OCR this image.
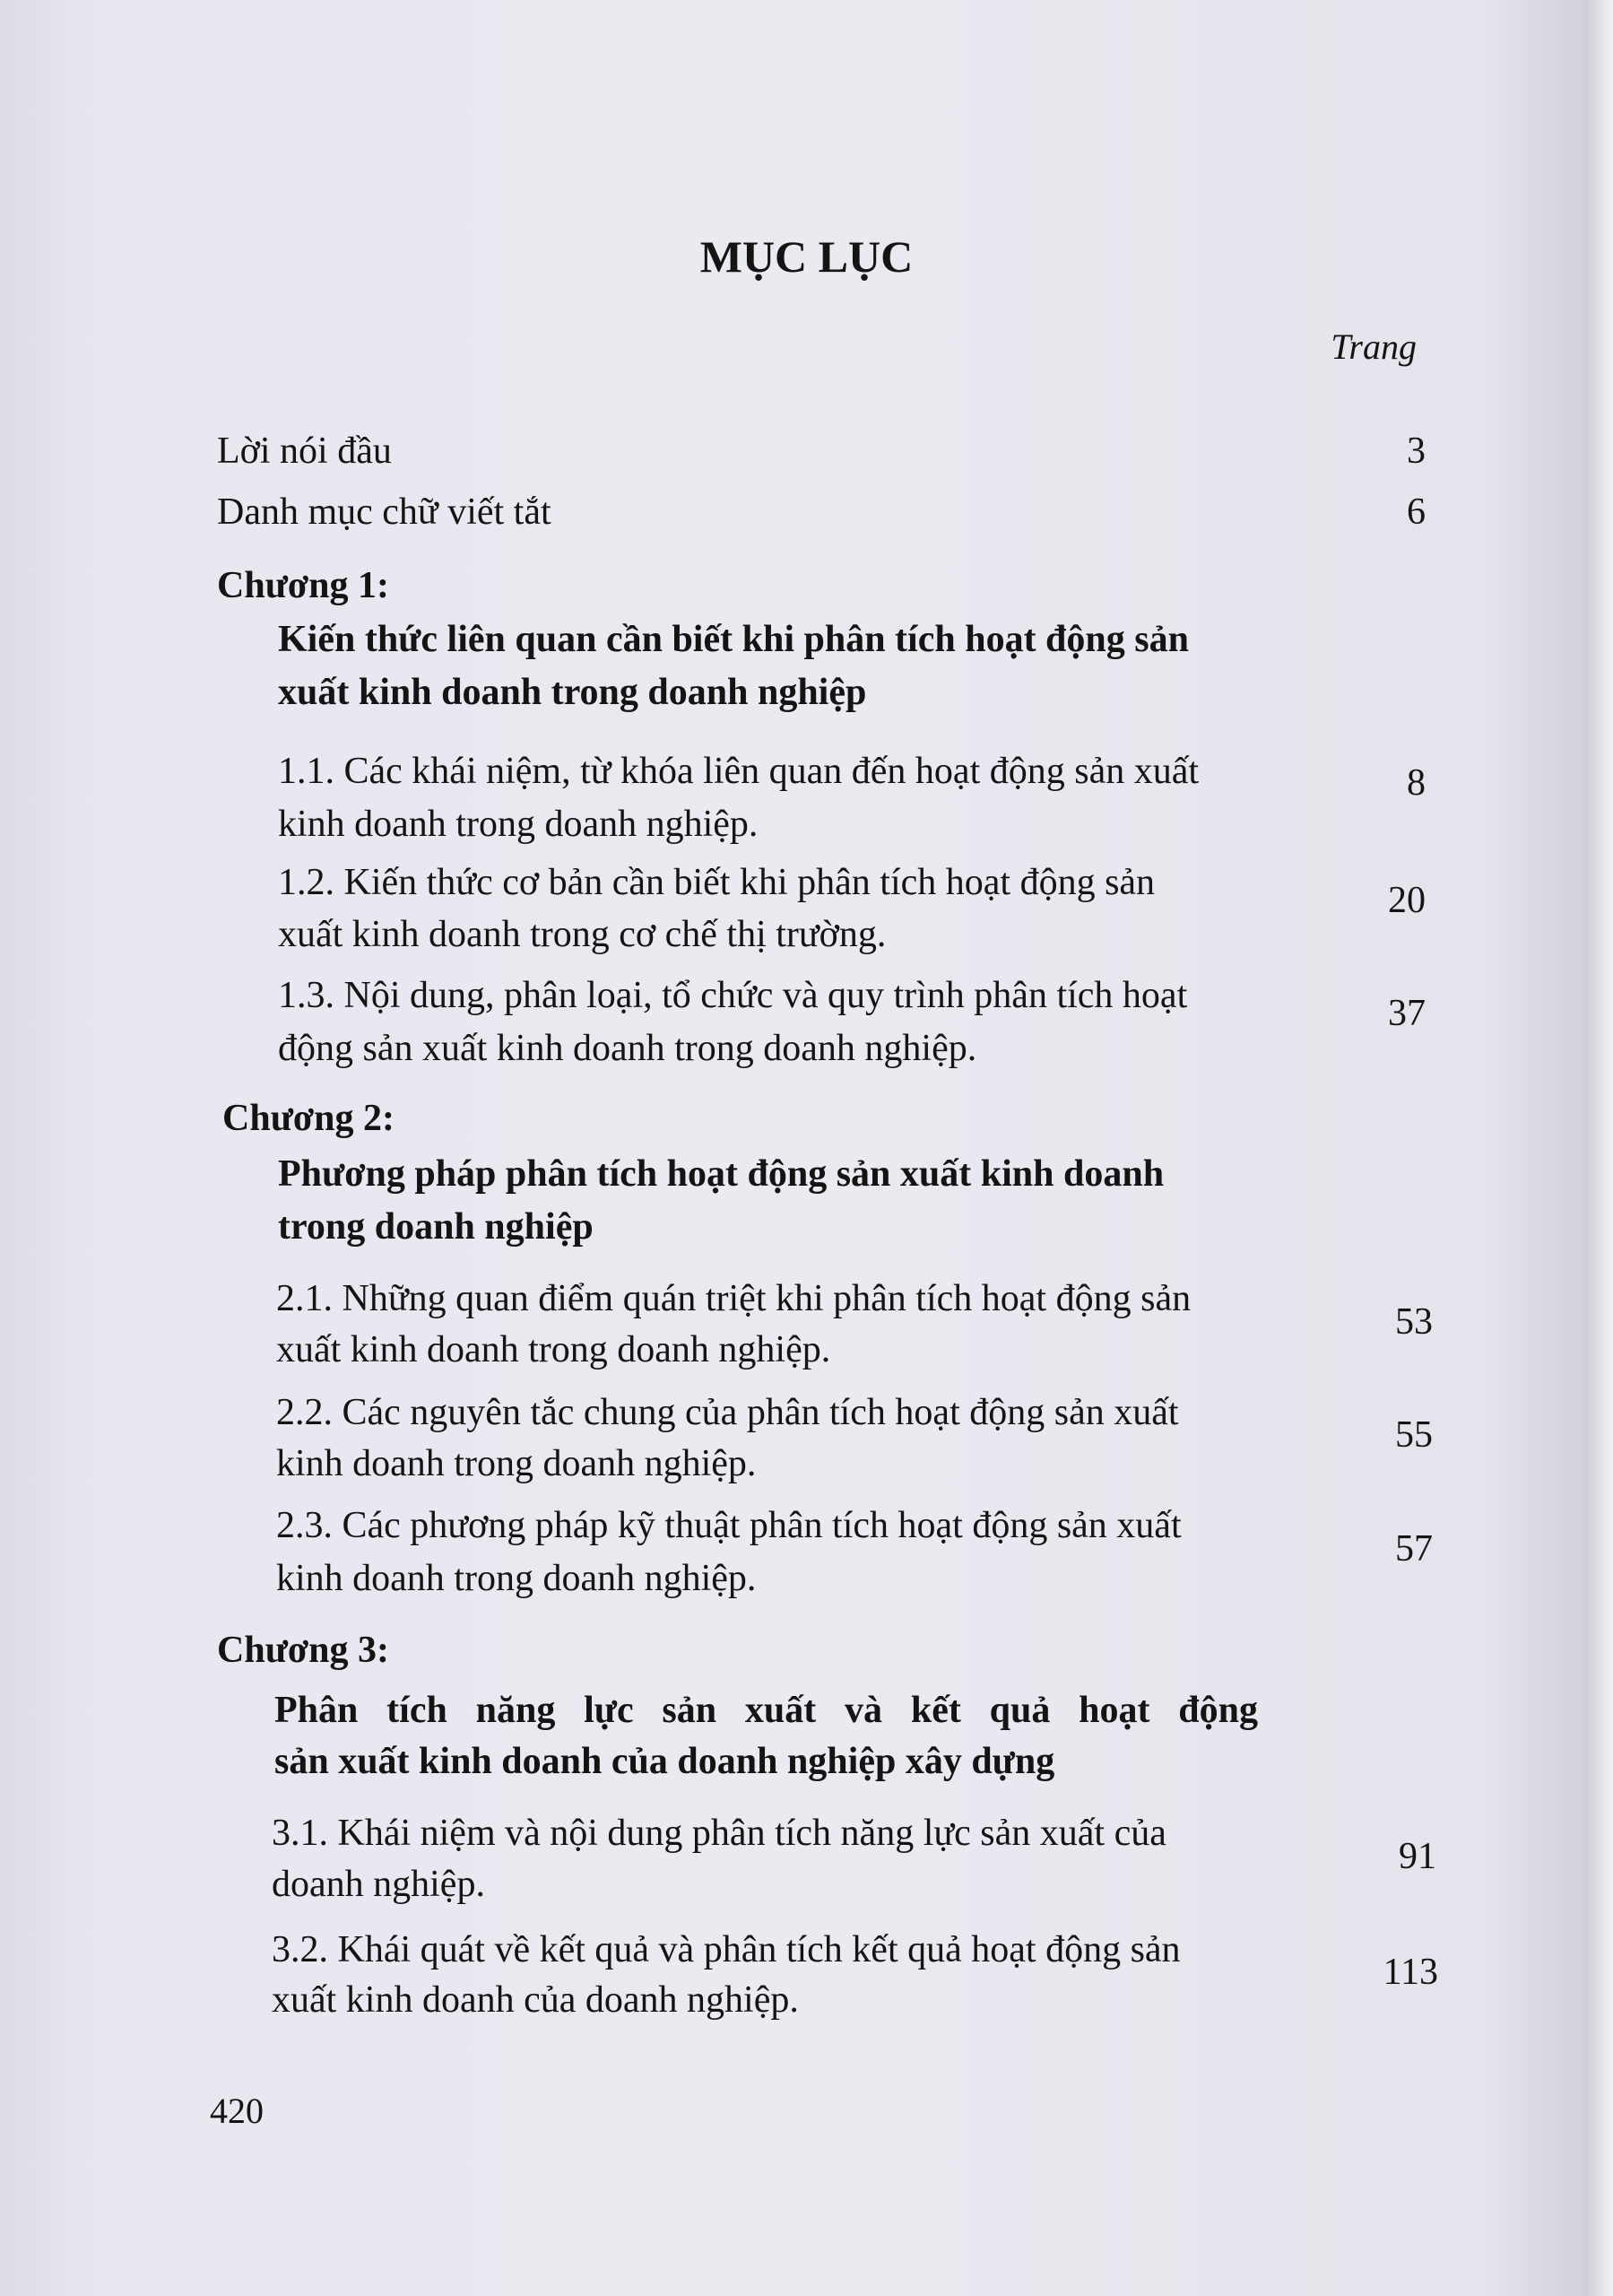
MỤC LỤC
Trang
Lời nói đầu	3
Danh mục chữ viết tắt	6
Chương 1:
Kiến thức liên quan cần biết khi phân tích hoạt động sản
xuất kinh doanh trong doanh nghiệp
1.1. Các khái niệm, từ khóa liên quan đến hoạt động sản xuất
kinh doanh trong doanh nghiệp.
8
1.2. Kiến thức cơ bản cần biết khi phân tích hoạt động sản
xuất kinh doanh trong cơ chế thị trường.
20
1.3. Nội dung, phân loại, tổ chức và quy trình phân tích hoạt
động sản xuất kinh doanh trong doanh nghiệp.
37
Chương 2:
Phương pháp phân tích hoạt động sản xuất kinh doanh
trong doanh nghiệp
2.1. Những quan điểm quán triệt khi phân tích hoạt động sản
xuất kinh doanh trong doanh nghiệp.
53
2.2. Các nguyên tắc chung của phân tích hoạt động sản xuất
kinh doanh trong doanh nghiệp.
55
2.3. Các phương pháp kỹ thuật phân tích hoạt động sản xuất
kinh doanh trong doanh nghiệp.
57
Chương 3:
Phân tích năng lực sản xuất và kết quả hoạt động
sản xuất kinh doanh của doanh nghiệp xây dựng
3.1. Khái niệm và nội dung phân tích năng lực sản xuất của
doanh nghiệp.
91
3.2. Khái quát về kết quả và phân tích kết quả hoạt động sản
xuất kinh doanh của doanh nghiệp.
113
420
